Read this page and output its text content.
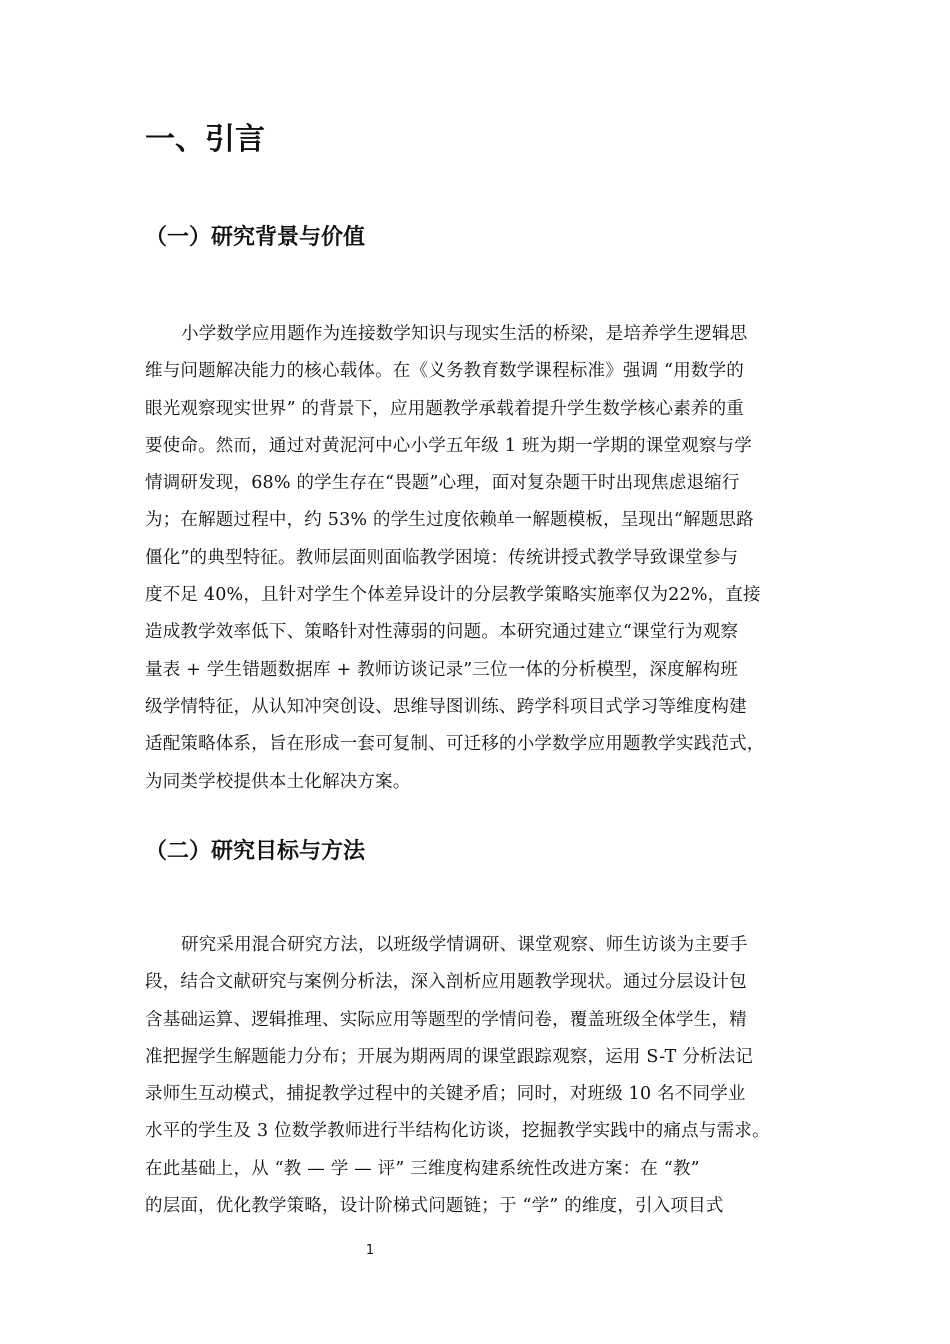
一、引言
（一）研究背景与价值
小学数学应用题作为连接数学知识与现实生活的桥梁，是培养学生逻辑思
维与问题解决能力的核心载体。在《义务教育数学课程标准》强调 “用数学的
眼光观察现实世界” 的背景下，应用题教学承载着提升学生数学核心素养的重
要使命。然而，通过对黄泥河中心小学五年级 1 班为期一学期的课堂观察与学
情调研发现，68% 的学生存在“畏题”心理，面对复杂题干时出现焦虑退缩行
为；在解题过程中，约 53% 的学生过度依赖单一解题模板，呈现出“解题思路
僵化”的典型特征。教师层面则面临教学困境：传统讲授式教学导致课堂参与
度不足 40%，且针对学生个体差异设计的分层教学策略实施率仅为22%，直接
造成教学效率低下、策略针对性薄弱的问题。本研究通过建立“课堂行为观察
量表 + 学生错题数据库 + 教师访谈记录”三位一体的分析模型，深度解构班
级学情特征，从认知冲突创设、思维导图训练、跨学科项目式学习等维度构建
适配策略体系，旨在形成一套可复制、可迁移的小学数学应用题教学实践范式，
为同类学校提供本土化解决方案。
（二）研究目标与方法
研究采用混合研究方法，以班级学情调研、课堂观察、师生访谈为主要手
段，结合文献研究与案例分析法，深入剖析应用题教学现状。通过分层设计包
含基础运算、逻辑推理、实际应用等题型的学情问卷，覆盖班级全体学生，精
准把握学生解题能力分布；开展为期两周的课堂跟踪观察，运用 S-T 分析法记
录师生互动模式，捕捉教学过程中的关键矛盾；同时，对班级 10 名不同学业
水平的学生及 3 位数学教师进行半结构化访谈，挖掘教学实践中的痛点与需求。
在此基础上，从 “教 — 学 — 评” 三维度构建系统性改进方案：在 “教”
的层面，优化教学策略，设计阶梯式问题链；于 “学” 的维度，引入项目式
1
